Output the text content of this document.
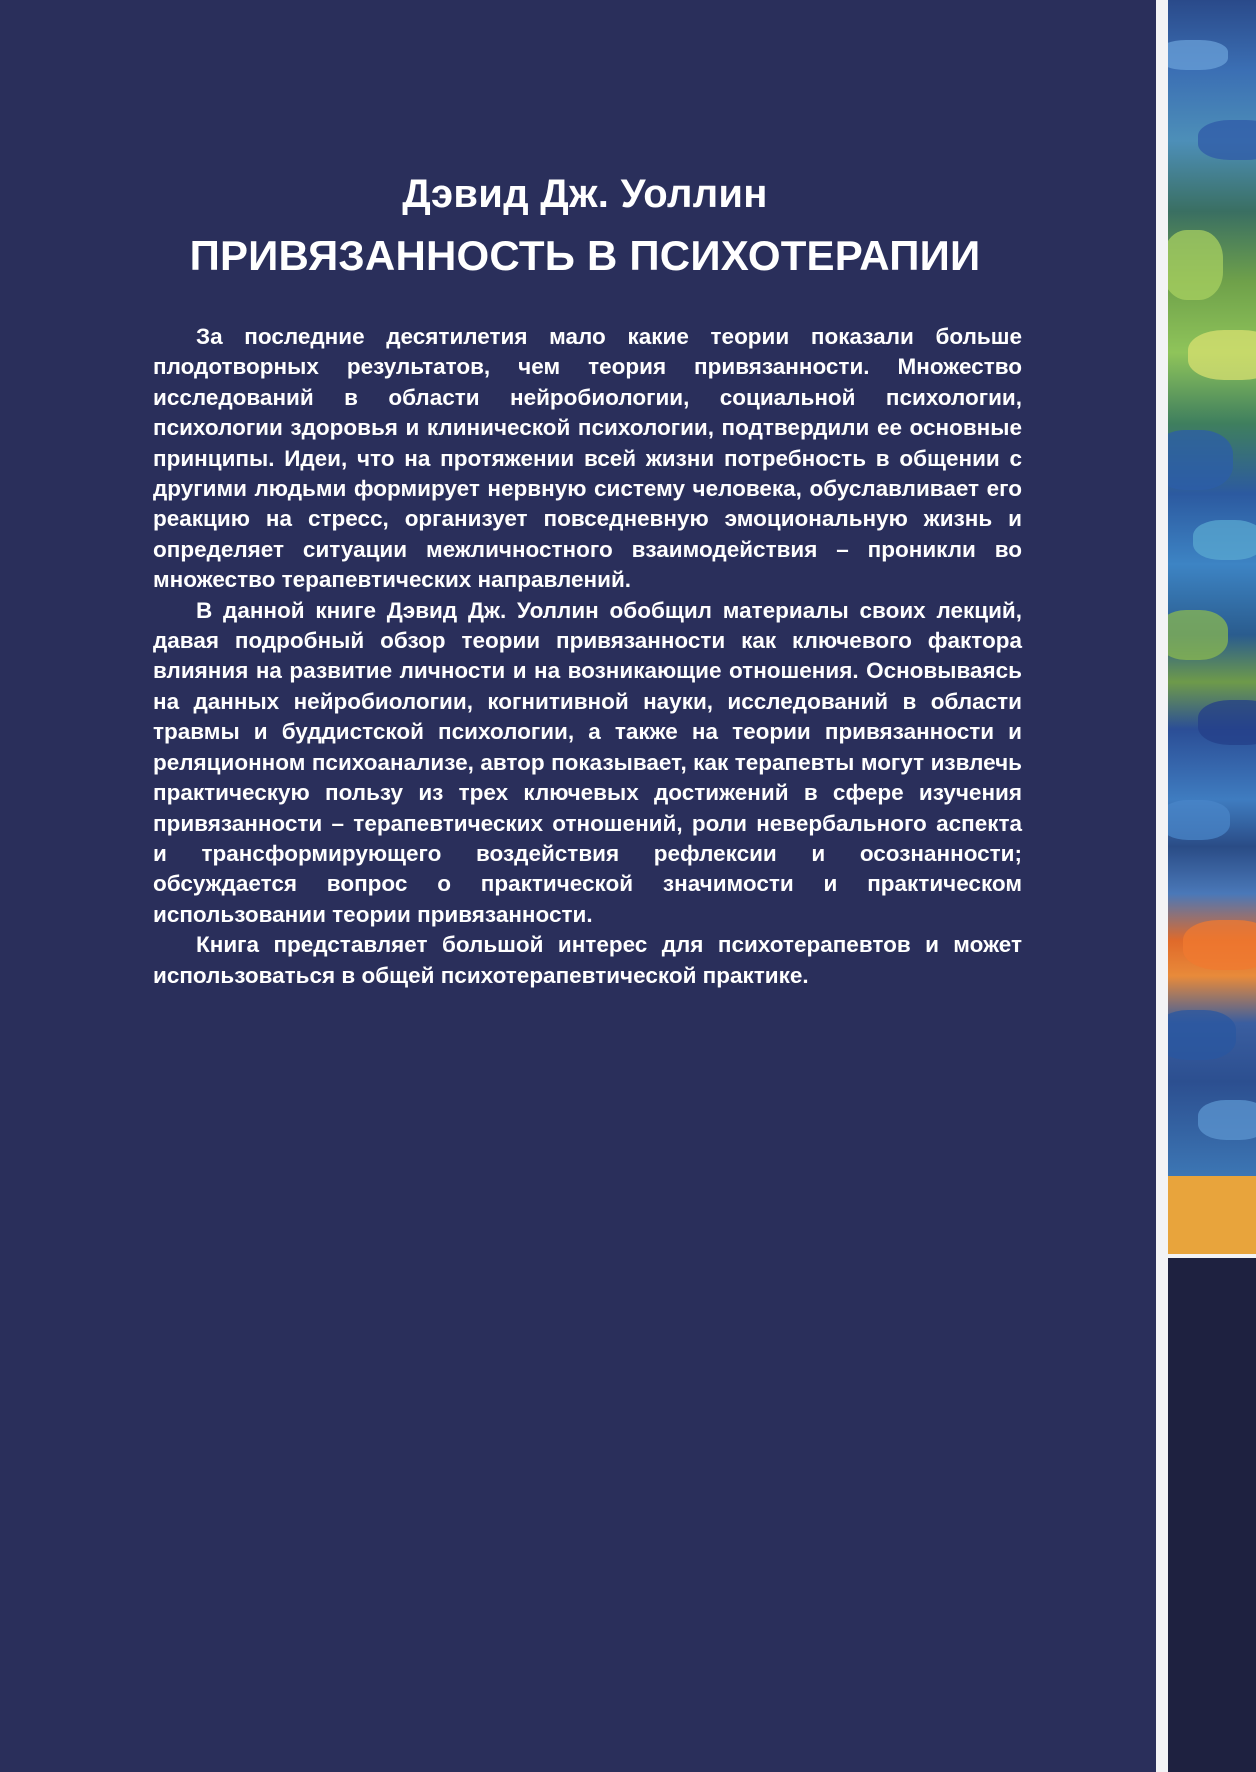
Дэвид Дж. Уоллин
ПРИВЯЗАННОСТЬ В ПСИХОТЕРАПИИ

За последние десятилетия мало какие теории показали больше плодотворных результатов, чем теория привязанности. Множество исследований в области нейробиологии, социальной психологии, психологии здоровья и клинической психологии, подтвердили ее основные принципы. Идеи, что на протяжении всей жизни потребность в общении с другими людьми формирует нервную систему человека, обуславливает его реакцию на стресс, организует повседневную эмоциональную жизнь и определяет ситуации межличностного взаимодействия – проникли во множество терапевтических направлений.

В данной книге Дэвид Дж. Уоллин обобщил материалы своих лекций, давая подробный обзор теории привязанности как ключевого фактора влияния на развитие личности и на возникающие отношения. Основываясь на данных нейробиологии, когнитивной науки, исследований в области травмы и буддистской психологии, а также на теории привязанности и реляционном психоанализе, автор показывает, как терапевты могут извлечь практическую пользу из трех ключевых достижений в сфере изучения привязанности – терапевтических отношений, роли невербального аспекта и трансформирующего воздействия рефлексии и осознанности; обсуждается вопрос о практической значимости и практическом использовании теории привязанности.

Книга представляет большой интерес для психотерапевтов и может использоваться в общей психотерапевтической практике.
